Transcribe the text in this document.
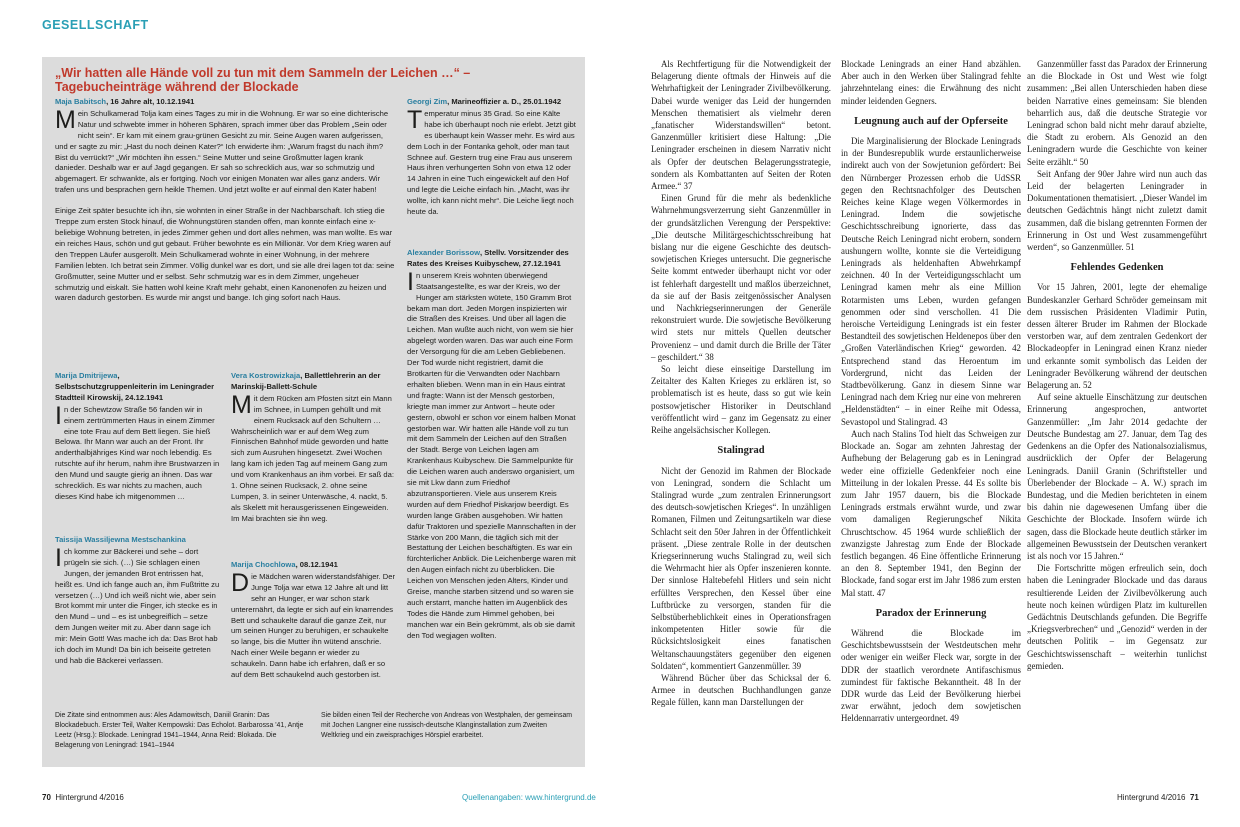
GESELLSCHAFT
„Wir hatten alle Hände voll zu tun mit dem Sammeln der Leichen …“ – Tagebucheinträge während der Blockade
Maja Babitsch, 16 Jahre alt, 10.12.1941
Mein Schulkamerad Tolja kam eines Tages zu mir in die Wohnung. Er war so eine dichterische Natur und schwebte immer in höheren Sphären, sprach immer über das Problem „Sein oder nicht sein“. Er kam mit einem grau-grünen Gesicht zu mir. Seine Augen waren aufgerissen, und er sagte zu mir: „Hast du noch deinen Kater?“ Ich erwiderte ihm: „Warum fragst du nach ihm? Bist du verrückt?“ „Wir möchten ihn essen.“ Seine Mutter und seine Großmutter lagen krank danieder. Deshalb war er auf Jagd gegangen. Er sah so schrecklich aus, war so schmutzig und abgemagert. Er schwankte, als er fortging. Noch vor einigen Monaten war alles ganz anders. Wir trafen uns und besprachen gern heikle Themen. Und jetzt wollte er auf einmal den Kater haben!
Einige Zeit später besuchte ich ihn, sie wohnten in einer Straße in der Nachbarschaft. Ich stieg die Treppe zum ersten Stock hinauf, die Wohnungstüren standen offen, man konnte einfach eine x-beliebige Wohnung betreten, in jedes Zimmer gehen und dort alles nehmen, was man wollte. Es war ein reiches Haus, schön und gut gebaut. Früher bewohnte es ein Millionär. Vor dem Krieg waren auf den Treppen Läufer ausgerollt. Mein Schulkamerad wohnte in einer Wohnung, in der mehrere Familien lebten. Ich betrat sein Zimmer. Völlig dunkel war es dort, und sie alle drei lagen tot da: seine Großmutter, seine Mutter und er selbst. Sehr schmutzig war es in dem Zimmer, ungeheuer schmutzig und eiskalt. Sie hatten wohl keine Kraft mehr gehabt, einen Kanonenofen zu heizen und waren dadurch gestorben. Es wurde mir angst und bange. Ich ging sofort nach Haus.
Georgi Zim, Marineoffizier a. D., 25.01.1942
Temperatur minus 35 Grad. So eine Kälte habe ich überhaupt noch nie erlebt. Jetzt gibt es überhaupt kein Wasser mehr. Es wird aus dem Loch in der Fontanka geholt, oder man taut Schnee auf. Gestern trug eine Frau aus unserem Haus ihren verhungerten Sohn von etwa 12 oder 14 Jahren in eine Tuch eingewickelt auf den Hof und legte die Leiche einfach hin. „Macht, was ihr wollte, ich kann nicht mehr“. Die Leiche liegt noch heute da.
Alexander Borissow, Stellv. Vorsitzender des Rates des Kreises Kuibyschew, 27.12.1941
In unserem Kreis wohnten überwiegend Staatsangestellte, es war der Kreis, wo der Hunger am stärksten wütete, 150 Gramm Brot bekam man dort. Jeden Morgen inspizierten wir die Straßen des Kreises. Und über all lagen die Leichen. Man wußte auch nicht, von wem sie hier abgelegt worden waren. Das war auch eine Form der Versorgung für die am Leben Gebliebenen. Der Tod wurde nicht registriert, damit die Brotkarten für die Verwandten oder Nachbarn erhalten blieben. Wenn man in ein Haus eintrat und fragte: Wann ist der Mensch gestorben, kriegte man immer zur Antwort – heute oder gestern, obwohl er schon vor einem halben Monat gestorben war. Wir hatten alle Hände voll zu tun mit dem Sammeln der Leichen auf den Straßen der Stadt. Berge von Leichen lagen am Krankenhaus Kuibyschew. Die Sammelpunkte für die Leichen waren auch anderswo organisiert, um sie mit Lkw dann zum Friedhof abzutransportieren. Viele aus unserem Kreis wurden auf dem Friedhof Piskarjow beerdigt. Es wurden lange Gräben ausgehoben. Wir hatten dafür Traktoren und spezielle Mannschaften in der Stärke von 200 Mann, die täglich sich mit der Bestattung der Leichen beschäftigten. Es war ein fürchterlicher Anblick. Die Leichenberge waren mit den Augen einfach nicht zu überblicken. Die Leichen von Menschen jeden Alters, Kinder und Greise, manche starben sitzend und so waren sie auch erstarrt, manche hatten im Augenblick des Todes die Hände zum Himmel gehoben, bei manchen war ein Bein gekrümmt, als ob sie damit den Tod wegjagen wollten.
Marija Dmitrijewa, Selbstschutzgruppenleiterin im Leningrader Stadtteil Kirowskij, 24.12.1941
In der Schewtzow Straße 56 fanden wir in einem zertrümmerten Haus in einem Zimmer eine tote Frau auf dem Bett liegen. Sie hieß Belowa. Ihr Mann war auch an der Front. Ihr anderthalbjähriges Kind war noch lebendig. Es rutschte auf ihr herum, nahm ihre Brustwarzen in den Mund und saugte gierig an ihnen. Das war schrecklich. Es war nichts zu machen, auch dieses Kind habe ich mitgenommen …
Vera Kostrowizkaja, Ballettlehrerin an der Marinskij-Ballett-Schule
Mit dem Rücken am Pfosten sitzt ein Mann im Schnee, in Lumpen gehüllt und mit einem Rucksack auf den Schultern … Wahrscheinlich war er auf dem Weg zum Finnischen Bahnhof müde geworden und hatte sich zum Ausruhen hingesetzt. Zwei Wochen lang kam ich jeden Tag auf meinem Gang zum und vom Krankenhaus an ihm vorbei. Er saß da: 1. Ohne seinen Rucksack, 2. ohne seine Lumpen, 3. in seiner Unterwäsche, 4. nackt, 5. als Skelett mit herausgerissenen Eingeweiden. Im Mai brachten sie ihn weg.
Taissija Wassiljewna Mestschankina
Ich komme zur Bäckerei und sehe – dort prügeln sie sich. (…) Sie schlagen einen Jungen, der jemanden Brot entrissen hat, heißt es. Und ich fange auch an, ihm Fußtritte zu versetzen (…) Und ich weiß nicht wie, aber sein Brot kommt mir unter die Finger, ich stecke es in den Mund – und – es ist unbegreiflich – setze dem Jungen weiter mit zu. Aber dann sage ich mir: Mein Gott! Was mache ich da: Das Brot hab ich doch im Mund! Da bin ich beiseite getreten und hab die Bäckerei verlassen.
Marija Chochlowa, 08.12.1941
Die Mädchen waren widerstandsfähiger. Der Junge Tolja war etwa 12 Jahre alt und litt sehr an Hunger, er war schon stark unterernährt, da legte er sich auf ein knarrendes Bett und schaukelte darauf die ganze Zeit, nur um seinen Hunger zu beruhigen, er schaukelte so lange, bis die Mutter ihn wütend anschrie. Nach einer Weile begann er wieder zu schaukeln. Dann habe ich erfahren, daß er so auf dem Bett schaukelnd auch gestorben ist.
Die Zitate sind entnommen aus: Ales Adamowitsch, Daniil Granin: Das Blockadebuch. Erster Teil, Walter Kempowski: Das Echolot. Barbarossa '41, Antje Leetz (Hrsg.): Blockade. Leningrad 1941–1944, Anna Reid: Blokada. Die Belagerung von Leningrad: 1941–1944
Sie bilden einen Teil der Recherche von Andreas von Westphalen, der gemeinsam mit Jochen Langner eine russisch-deutsche Klanginstallation zum Zweiten Weltkrieg und ein zweisprachiges Hörspiel erarbeitet.

Als Rechtfertigung für die Notwendigkeit der Belagerung diente oftmals der Hinweis auf die Wehrhaftigkeit der Leningrader Zivilbevölkerung. Dabei wurde weniger das Leid der hungernden Menschen thematisiert als vielmehr deren „fanatischer Widerstandswillen“ betont. Ganzenmüller kritisiert diese Haltung: „Die Leningrader erscheinen in diesem Narrativ nicht als Opfer der deutschen Belagerungsstrategie, sondern als Kombattanten auf Seiten der Roten Armee.“ 37

Einen Grund für die mehr als bedenkliche Wahrnehmungsverzerrung sieht Ganzenmüller in der grundsätzlichen Verengung der Perspektive: „Die deutsche Militärgeschichtsschreibung hat bislang nur die eigene Geschichte des deutsch-sowjetischen Krieges untersucht. Die gegnerische Seite kommt entweder überhaupt nicht vor oder ist fehlerhaft dargestellt und maßlos überzeichnet, da sie auf der Basis zeitgenössischer Analysen und Nachkriegserinnerungen der Generäle rekonstruiert wurde. Die sowjetische Bevölkerung wird stets nur mittels Quellen deutscher Provenienz – und damit durch die Brille der Täter – geschildert.“ 38

So leicht diese einseitige Darstellung im Zeitalter des Kalten Krieges zu erklären ist, so problematisch ist es heute, dass so gut wie kein postsowjetischer Historiker in Deutschland veröffentlicht wird – ganz im Gegensatz zu einer Reihe angelsächsischer Kollegen.

Stalingrad

Nicht der Genozid im Rahmen der Blockade von Leningrad, sondern die Schlacht um Stalingrad wurde „zum zentralen Erinnerungsort des deutsch-sowjetischen Krieges“. In unzähligen Romanen, Filmen und Zeitungsartikeln war diese Schlacht seit den 50er Jahren in der Öffentlichkeit präsent. „Diese zentrale Rolle in der deutschen Kriegserinnerung wuchs Stalingrad zu, weil sich die Wehrmacht hier als Opfer inszenieren konnte. Der sinnlose Haltebefehl Hitlers und sein nicht erfülltes Versprechen, den Kessel über eine Luftbrücke zu versorgen, standen für die Selbstüberheblichkeit eines in Operationsfragen inkompetenten Hitler sowie für die Rücksichtslosigkeit eines fanatischen Weltanschauungstäters gegenüber den eigenen Soldaten“, kommentiert Ganzenmüller. 39

Während Bücher über das Schicksal der 6. Armee in deutschen Buchhandlungen ganze Regale füllen, kann man Darstellungen der

Blockade Leningrads an einer Hand abzählen. Aber auch in den Werken über Stalingrad fehlte jahrzehntelang eines: die Erwähnung des nicht minder leidenden Gegners.

Leugnung auch auf der Opferseite

Die Marginalisierung der Blockade Leningrads in der Bundesrepublik wurde erstaunlicherweise indirekt auch von der Sowjetunion gefördert: Bei den Nürnberger Prozessen erhob die UdSSR gegen den Rechtsnachfolger des Deutschen Reiches keine Klage wegen Völkermordes in Leningrad. Indem die sowjetische Geschichtsschreibung ignorierte, dass das Deutsche Reich Leningrad nicht erobern, sondern aushungern wollte, konnte sie die Verteidigung Leningrads als heldenhaften Abwehrkampf zeichnen. 40 In der Verteidigungsschlacht um Leningrad kamen mehr als eine Million Rotarmisten ums Leben, wurden gefangen genommen oder sind verschollen. 41 Die heroische Verteidigung Leningrads ist ein fester Bestandteil des sowjetischen Heldenepos über den „Großen Vaterländischen Krieg“ geworden. 42 Entsprechend stand das Heroentum im Vordergrund, nicht das Leiden der Stadtbevölkerung. Ganz in diesem Sinne war Leningrad nach dem Krieg nur eine von mehreren „Heldenstädten“ – in einer Reihe mit Odessa, Sevastopol und Stalingrad. 43

Auch nach Stalins Tod hielt das Schweigen zur Blockade an. Sogar am zehnten Jahrestag der Aufhebung der Belagerung gab es in Leningrad weder eine offizielle Gedenkfeier noch eine Mitteilung in der lokalen Presse. 44 Es sollte bis zum Jahr 1957 dauern, bis die Blockade Leningrads erstmals erwähnt wurde, und zwar vom damaligen Regierungschef Nikita Chruschtschow. 45 1964 wurde schließlich der zwanzigste Jahrestag zum Ende der Blockade festlich begangen. 46 Eine öffentliche Erinnerung an den 8. September 1941, den Beginn der Blockade, fand sogar erst im Jahr 1986 zum ersten Mal statt. 47

Paradox der Erinnerung

Während die Blockade im Geschichtsbewusstsein der Westdeutschen mehr oder weniger ein weißer Fleck war, sorgte in der DDR der staatlich verordnete Antifaschismus zumindest für faktische Bekanntheit. 48 In der DDR wurde das Leid der Bevölkerung hierbei zwar erwähnt, jedoch dem sowjetischen Heldennarrativ untergeordnet. 49

Ganzenmüller fasst das Paradox der Erinnerung an die Blockade in Ost und West wie folgt zusammen: „Bei allen Unterschieden haben diese beiden Narrative eines gemeinsam: Sie blenden beharrlich aus, daß die deutsche Strategie vor Leningrad schon bald nicht mehr darauf abzielte, die Stadt zu erobern. Als Genozid an den Leningradern wurde die Geschichte von keiner Seite erzählt.“ 50

Seit Anfang der 90er Jahre wird nun auch das Leid der belagerten Leningrader in Dokumentationen thematisiert. „Dieser Wandel im deutschen Gedächtnis hängt nicht zuletzt damit zusammen, daß die bislang getrennten Formen der Erinnerung in Ost und West zusammengeführt werden“, so Ganzenmüller. 51

Fehlendes Gedenken

Vor 15 Jahren, 2001, legte der ehemalige Bundeskanzler Gerhard Schröder gemeinsam mit dem russischen Präsidenten Vladimir Putin, dessen älterer Bruder im Rahmen der Blockade verstorben war, auf dem zentralen Gedenkort der Blockadeopfer in Leningrad einen Kranz nieder und erkannte somit symbolisch das Leiden der Leningrader Bevölkerung während der deutschen Belagerung an. 52

Auf seine aktuelle Einschätzung zur deutschen Erinnerung angesprochen, antwortet Ganzenmüller: „Im Jahr 2014 gedachte der Deutsche Bundestag am 27. Januar, dem Tag des Gedenkens an die Opfer des Nationalsozialismus, ausdrücklich der Opfer der Belagerung Leningrads. Daniil Granin (Schriftsteller und Überlebender der Blockade – A. W.) sprach im Bundestag, und die Medien berichteten in einem bis dahin nie dagewesenen Umfang über die Geschichte der Blockade. Insofern würde ich sagen, dass die Blockade heute deutlich stärker im allgemeinen Bewusstsein der Deutschen verankert ist als noch vor 15 Jahren.“

Die Fortschritte mögen erfreulich sein, doch haben die Leningrader Blockade und das daraus resultierende Leiden der Zivilbevölkerung auch heute noch keinen würdigen Platz im kulturellen Gedächtnis Deutschlands gefunden. Die Begriffe „Kriegsverbrechen“ und „Genozid“ werden in der deutschen Politik – im Gegensatz zur Geschichtswissenschaft – weiterhin tunlichst gemieden.

70 Hintergrund 4/2016	Quellenangaben: www.hintergrund.de	Hintergrund 4/2016 71
